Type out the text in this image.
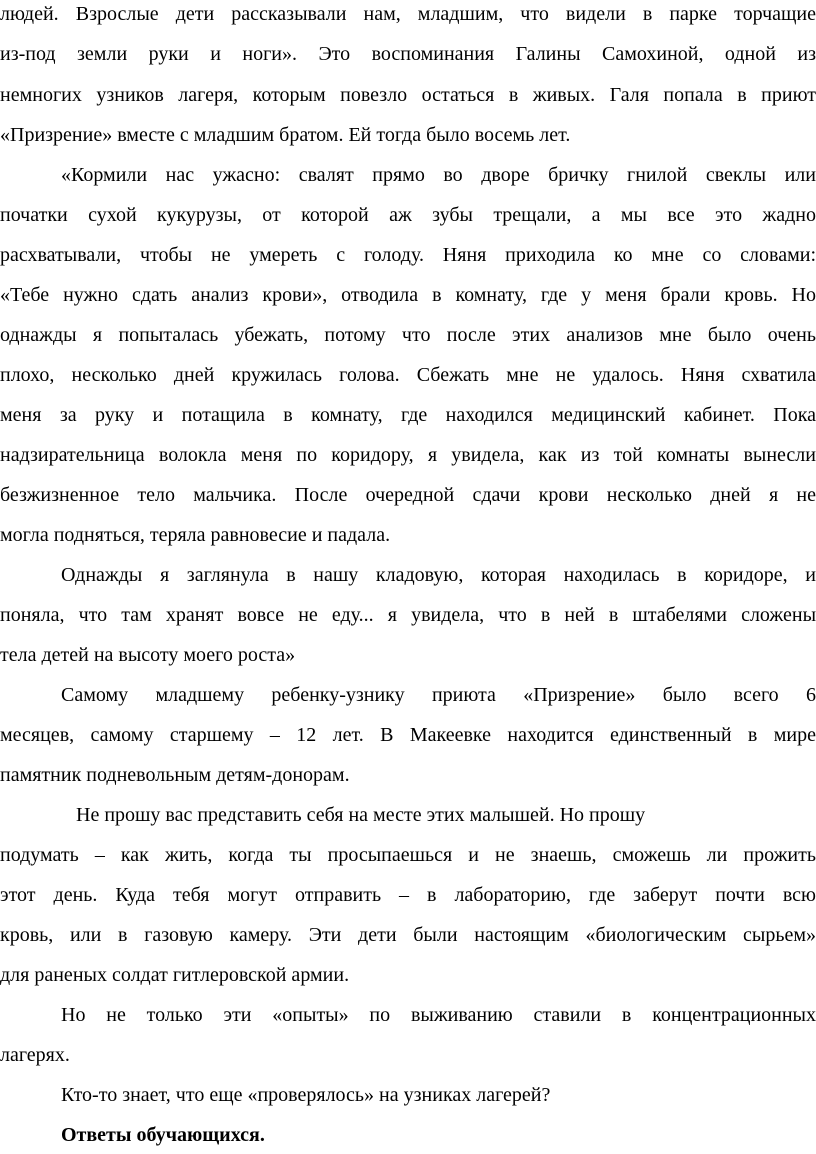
людей. Взрослые дети рассказывали нам, младшим, что видели в парке торчащие
из-под земли руки и ноги». Это воспоминания Галины Самохиной, одной из
немногих узников лагеря, которым повезло остаться в живых. Галя попала в приют
«Призрение» вместе с младшим братом. Ей тогда было восемь лет.
«Кормили нас ужасно: свалят прямо во дворе бричку гнилой свеклы или
початки сухой кукурузы, от которой аж зубы трещали, а мы все это жадно
расхватывали, чтобы не умереть с голоду. Няня приходила ко мне со словами:
«Тебе нужно сдать анализ крови», отводила в комнату, где у меня брали кровь. Но
однажды я попыталась убежать, потому что после этих анализов мне было очень
плохо, несколько дней кружилась голова. Сбежать мне не удалось. Няня схватила
меня за руку и потащила в комнату, где находился медицинский кабинет. Пока
надзирательница волокла меня по коридору, я увидела, как из той комнаты вынесли
безжизненное тело мальчика. После очередной сдачи крови несколько дней я не
могла подняться, теряла равновесие и падала.
Однажды я заглянула в нашу кладовую, которая находилась в коридоре, и
поняла, что там хранят вовсе не еду... я увидела, что в ней в штабелями сложены
тела детей на высоту моего роста»
Самому младшему ребенку-узнику приюта «Призрение» было всего 6
месяцев, самому старшему – 12 лет. В Макеевке находится единственный в мире
памятник подневольным детям-донорам.
Не прошу вас представить себя на месте этих малышей. Но прошу
подумать – как жить, когда ты просыпаешься и не знаешь, сможешь ли прожить
этот день. Куда тебя могут отправить – в лабораторию, где заберут почти всю
кровь, или в газовую камеру. Эти дети были настоящим «биологическим сырьем»
для раненых солдат гитлеровской армии.
Но не только эти «опыты» по выживанию ставили в концентрационных
лагерях.
Кто-то знает, что еще «проверялось» на узниках лагерей?
Ответы обучающихся.
